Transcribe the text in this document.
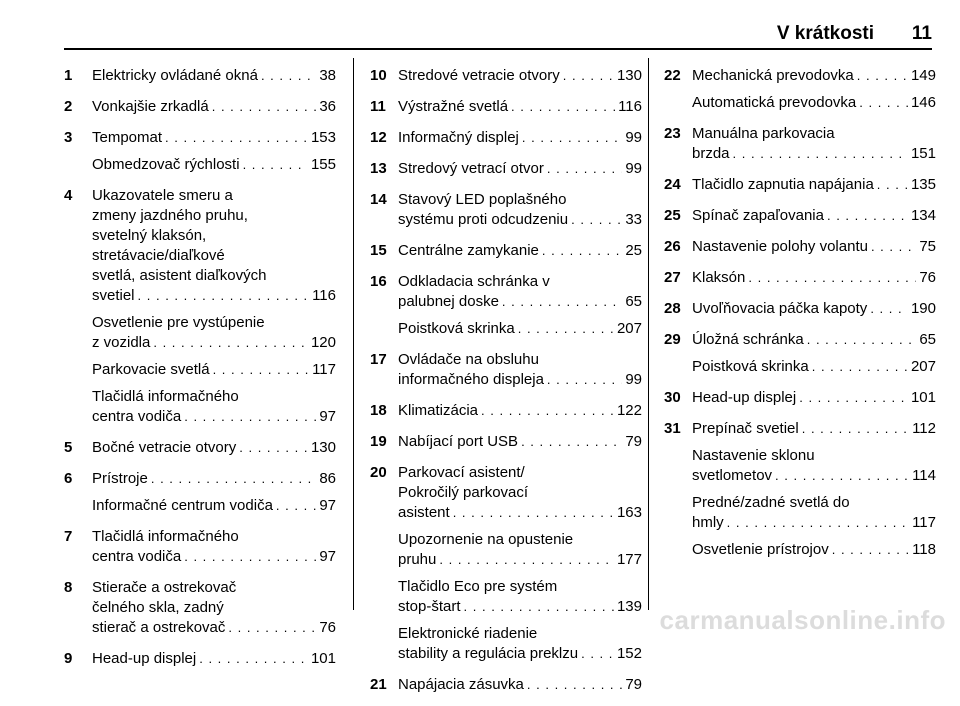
V krátkosti 11
1 Elektricky ovládané okná . . .	38
2 Vonkajšie zrkadlá . . .	36
3 Tempomat . . .	153
Obmedzovač rýchlosti . . .	155
4 Ukazovatele smeru a
zmeny jazdného pruhu,
svetelný klaksón,
stretávacie/diaľkové
svetlá, asistent diaľkových
svetiel . . .	116
Osvetlenie pre vystúpenie
z vozidla . . .	120
Parkovacie svetlá . . .	117
Tlačidlá informačného
centra vodiča . . .	97
5 Bočné vetracie otvory . . .	130
6 Prístroje . . .	86
Informačné centrum vodiča . . .	97
7 Tlačidlá informačného
centra vodiča . . .	97
8 Stierače a ostrekovač
čelného skla, zadný
stierač a ostrekovač . . .	76
9 Head-up displej . . .	101
10 Stredové vetracie otvory . . .	130
11 Výstražné svetlá . . .	116
12 Informačný displej . . .	99
13 Stredový vetrací otvor . . .	99
14 Stavový LED poplašného
systému proti odcudzeniu . . .	33
15 Centrálne zamykanie . . .	25
16 Odkladacia schránka v
palubnej doske . . .	65
Poistková skrinka . . .	207
17 Ovládače na obsluhu
informačného displeja . . .	99
18 Klimatizácia . . .	122
19 Nabíjací port USB . . .	79
20 Parkovací asistent/
Pokročilý parkovací
asistent . . .	163
Upozornenie na opustenie
pruhu . . .	177
Tlačidlo Eco pre systém
stop-štart . . .	139
Elektronické riadenie
stability a regulácia preklzu . . .	152
21 Napájacia zásuvka . . .	79
22 Mechanická prevodovka . . .	149
Automatická prevodovka . . .	146
23 Manuálna parkovacia
brzda . . .	151
24 Tlačidlo zapnutia napájania . . . 135
25 Spínač zapaľovania . . .	134
26 Nastavenie polohy volantu . . .	75
27 Klaksón . . .	76
28 Uvoľňovacia páčka kapoty . . .	190
29 Úložná schránka . . .	65
Poistková skrinka . . .	207
30 Head-up displej . . .	101
31 Prepínač svetiel . . .	112
Nastavenie sklonu
svetlometov . . .	114
Predné/zadné svetlá do
hmly . . .	117
Osvetlenie prístrojov . . .	118
carmanualsonline.info
